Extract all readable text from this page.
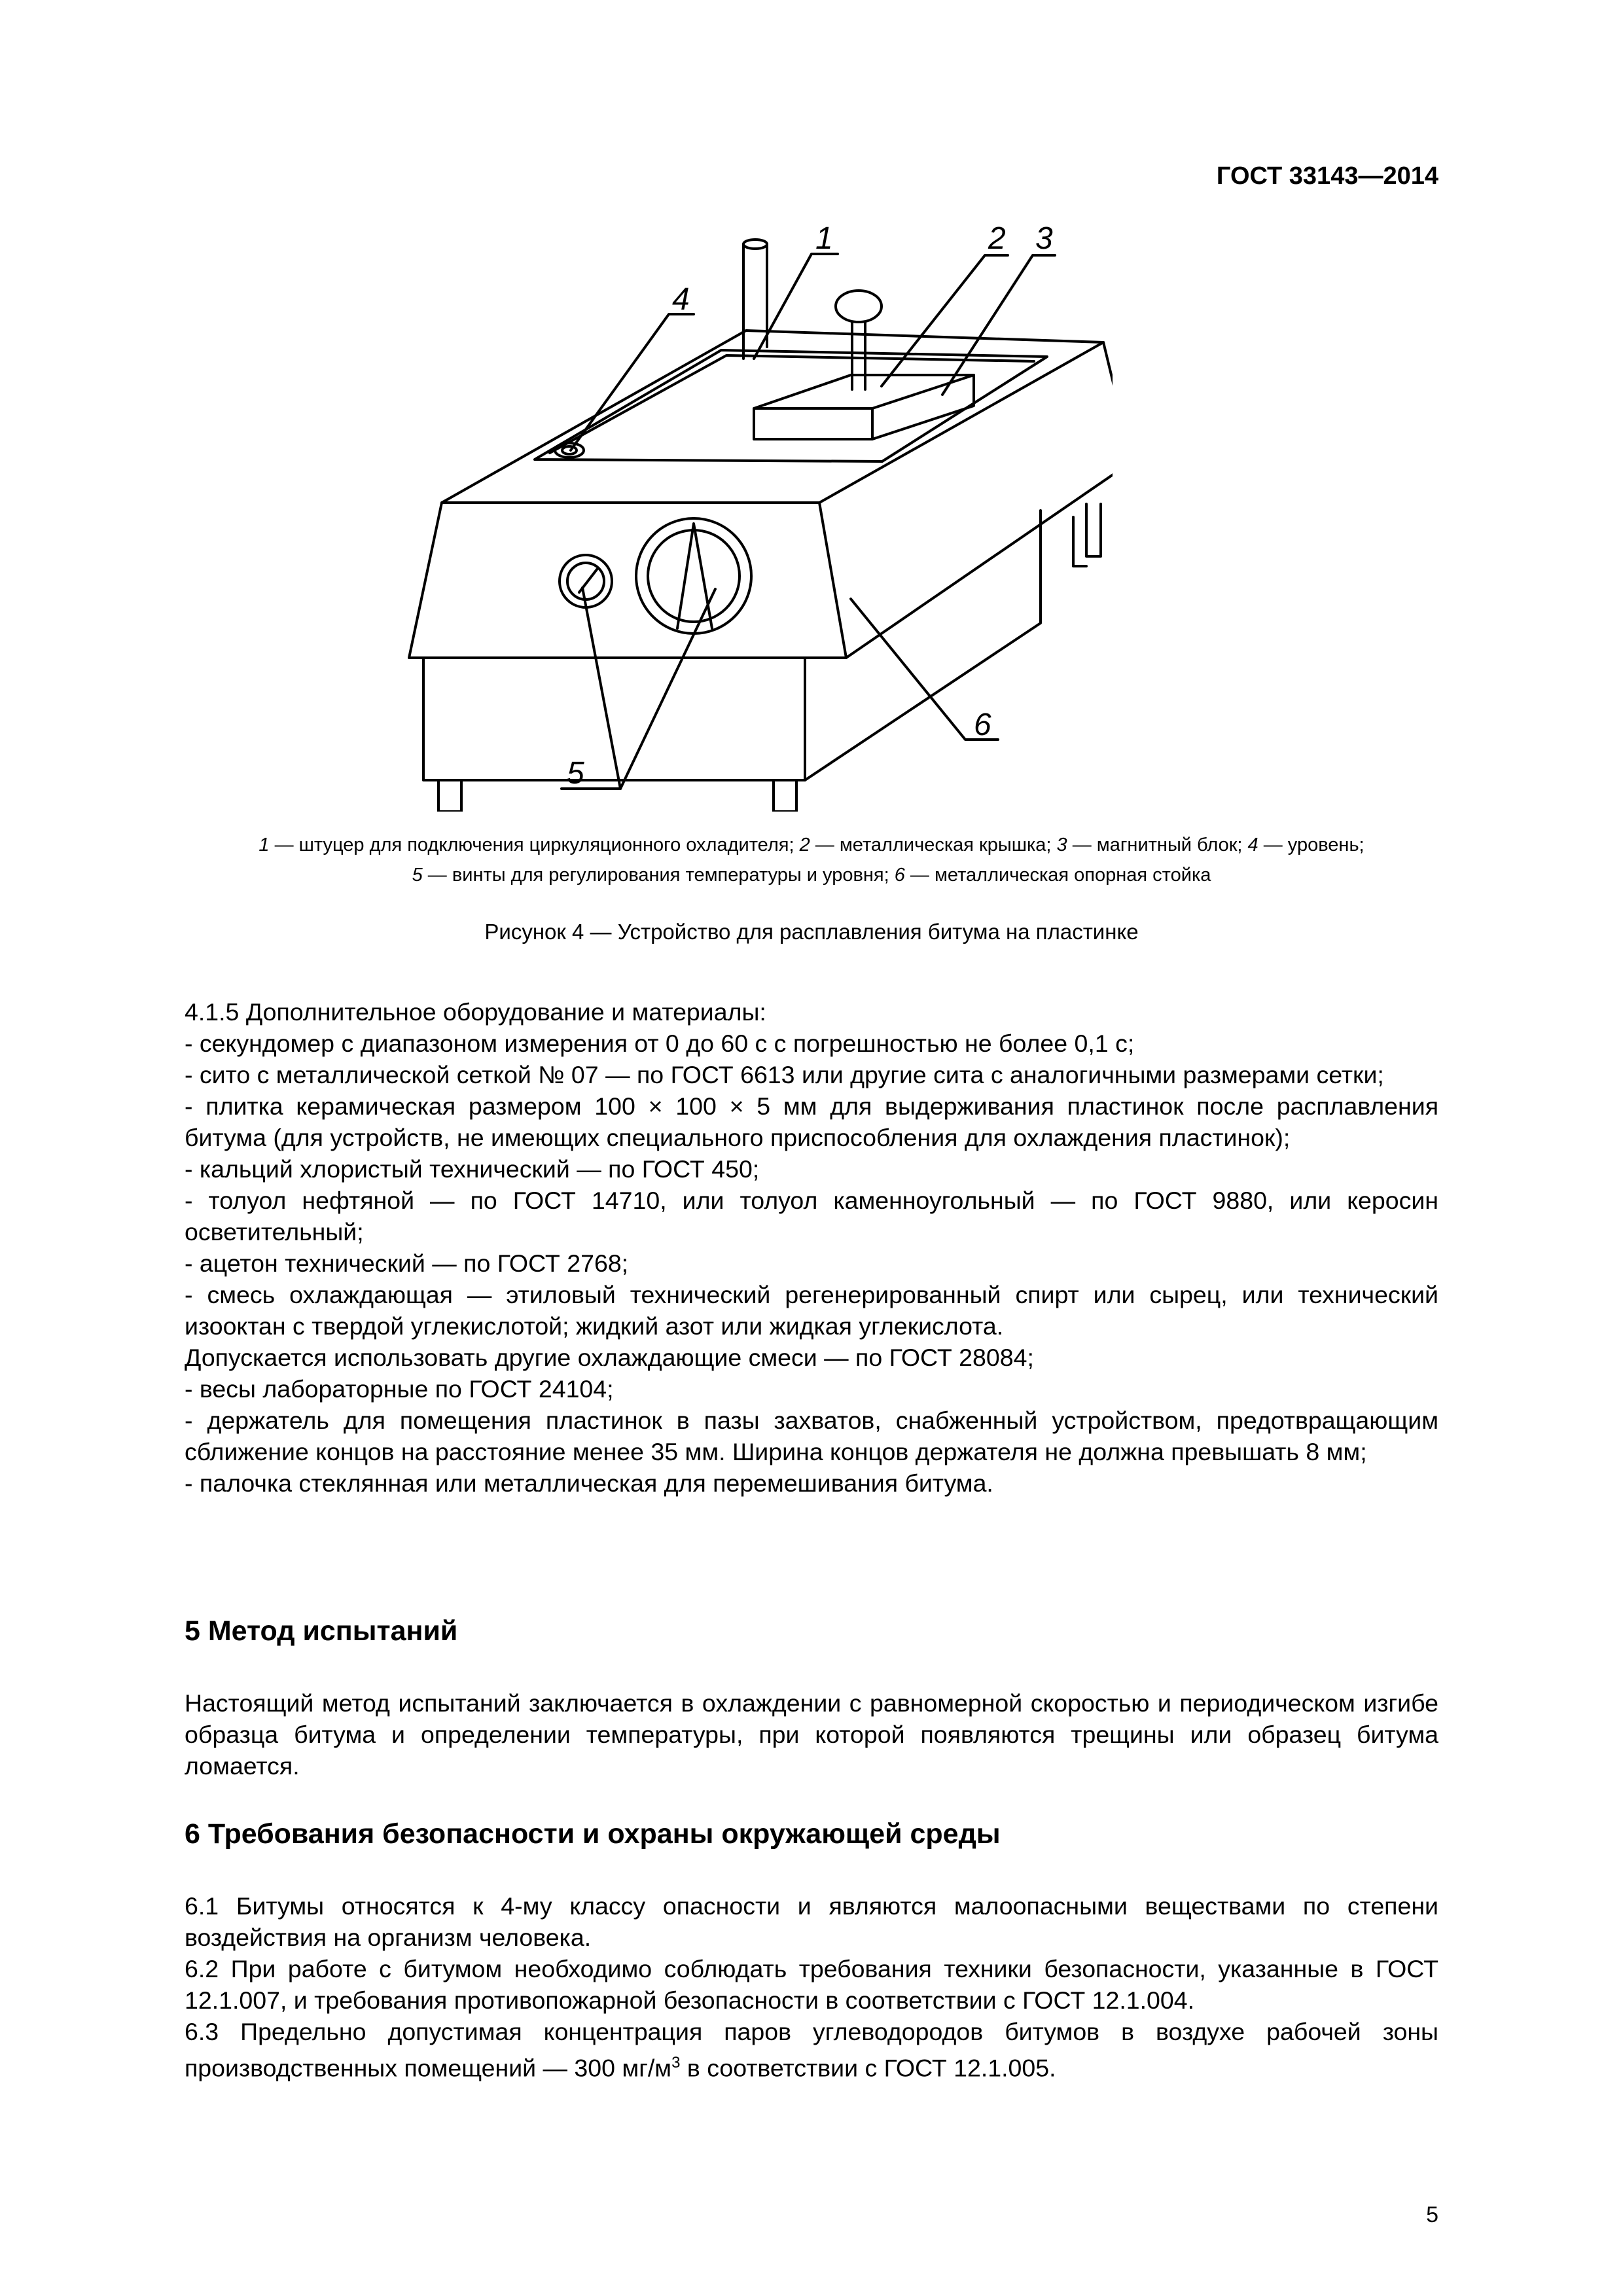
ГОСТ 33143—2014
1	2 3
4
5
6
1 — штуцер для подключения циркуляционного охладителя; 2 — металлическая крышка; 3 — магнитный блок; 4 — уровень;
5 — винты для регулирования температуры и уровня; 6 — металлическая опорная стойка
Рисунок 4 — Устройство для расплавления битума на пластинке

4.1.5 Дополнительное оборудование и материалы:

- секундомер с диапазоном измерения от 0 до 60 с с погрешностью не более 0,1 с;

- сито с металлической сеткой № 07 — по ГОСТ 6613 или другие сита с аналогичными размерами сетки;

- плитка керамическая размером 100 × 100 × 5 мм для выдерживания пластинок после расплавления битума (для устройств, не имеющих специального приспособления для охлаждения пластинок);

- кальций хлористый технический — по ГОСТ 450;

- толуол нефтяной — по ГОСТ 14710, или толуол каменноугольный — по ГОСТ 9880, или керосин осветительный;

- ацетон технический — по ГОСТ 2768;

- смесь охлаждающая — этиловый технический регенерированный спирт или сырец, или технический изооктан с твердой углекислотой; жидкий азот или жидкая углекислота.

Допускается использовать другие охлаждающие смеси — по ГОСТ 28084;

- весы лабораторные по ГОСТ 24104;

- держатель для помещения пластинок в пазы захватов, снабженный устройством, предотвращающим сближение концов на расстояние менее 35 мм. Ширина концов держателя не должна превышать 8 мм;

- палочка стеклянная или металлическая для перемешивания битума.

5 Метод испытаний

Настоящий метод испытаний заключается в охлаждении с равномерной скоростью и периодическом изгибе образца битума и определении температуры, при которой появляются трещины или образец битума ломается.

6 Требования безопасности и охраны окружающей среды

6.1 Битумы относятся к 4-му классу опасности и являются малоопасными веществами по степени воздействия на организм человека.

6.2 При работе с битумом необходимо соблюдать требования техники безопасности, указанные в ГОСТ 12.1.007, и требования противопожарной безопасности в соответствии с ГОСТ 12.1.004.

6.3 Предельно допустимая концентрация паров углеводородов битумов в воздухе рабочей зоны производственных помещений — 300 $мг/м^3$ в соответствии с ГОСТ 12.1.005.

5
